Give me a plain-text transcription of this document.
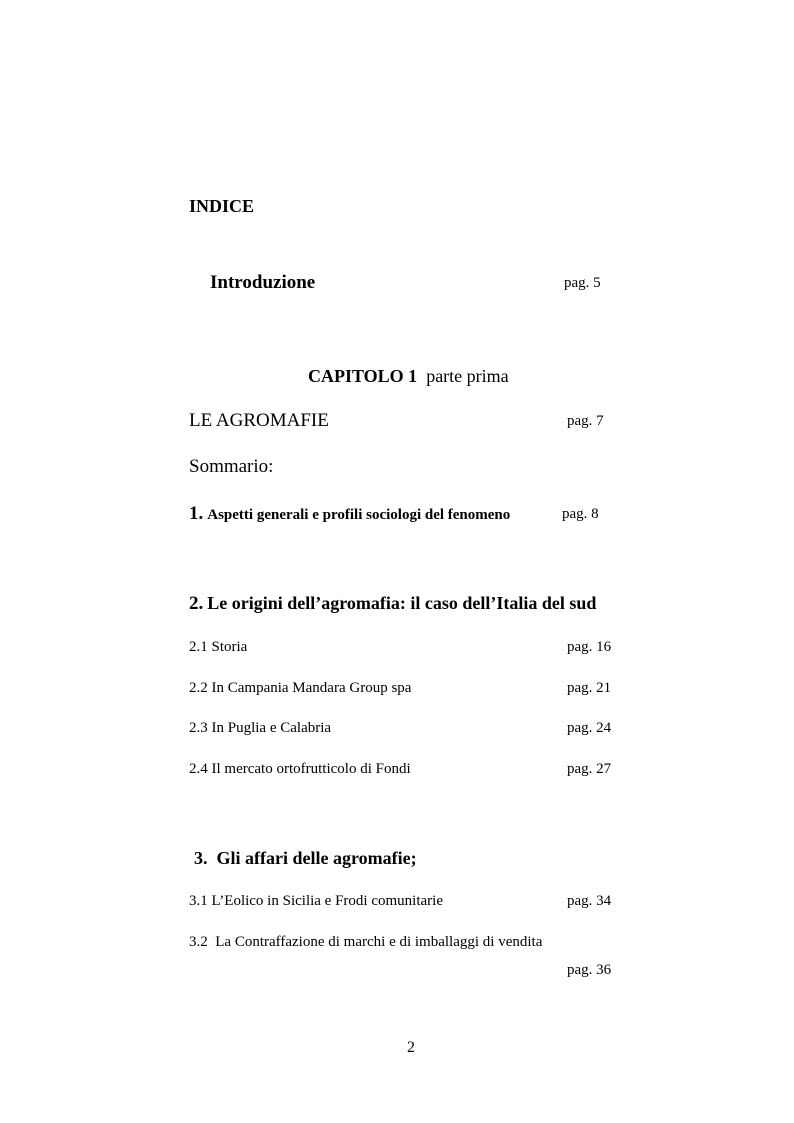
INDICE
Introduzione	pag. 5
CAPITOLO 1 parte prima
LE AGROMAFIE	pag. 7
Sommario:
1. Aspetti generali e profili sociologi del fenomeno	pag. 8
2. Le origini dell’agromafia: il caso dell’Italia del sud
2.1 Storia	pag. 16
2.2 In Campania Mandara Group spa	pag. 21
2.3 In Puglia e Calabria	pag. 24
2.4 Il mercato ortofrutticolo di Fondi	pag. 27
3. Gli affari delle agromafie;
3.1 L’Eolico in Sicilia e Frodi comunitarie	pag. 34
3.2  La Contraffazione di marchi e di imballaggi di vendita
pag. 36
2
